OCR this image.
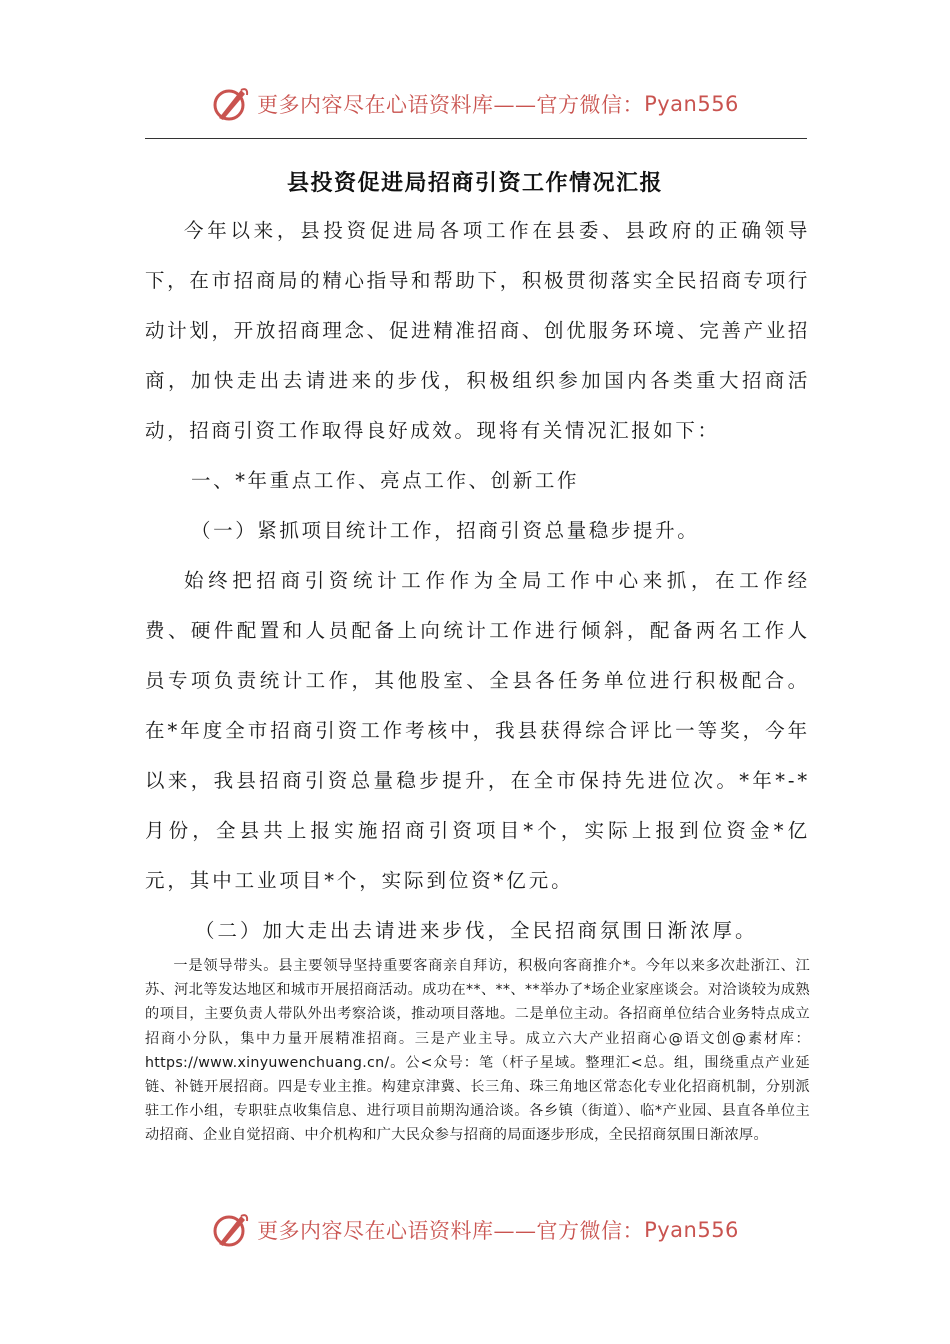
更多内容尽在心语资料库——官方微信： Pyan556
县投资促进局招商引资工作情况汇报

今年以来，县投资促进局各项工作在县委、县政府的正确领导下，在市招商局的精心指导和帮助下，积极贯彻落实全民招商专项行动计划，开放招商理念、促进精准招商、创优服务环境、完善产业招商，加快走出去请进来的步伐，积极组织参加国内各类重大招商活动，招商引资工作取得良好成效。现将有关情况汇报如下：

一、*年重点工作、亮点工作、创新工作

（一）紧抓项目统计工作，招商引资总量稳步提升。

始终把招商引资统计工作作为全局工作中心来抓，在工作经费、硬件配置和人员配备上向统计工作进行倾斜，配备两名工作人员专项负责统计工作，其他股室、全县各任务单位进行积极配合。在*年度全市招商引资工作考核中，我县获得综合评比一等奖，今年以来，我县招商引资总量稳步提升，在全市保持先进位次。*年*-*月份，全县共上报实施招商引资项目*个，实际上报到位资金*亿元，其中工业项目*个，实际到位资*亿元。

（二）加大走出去请进来步伐，全民招商氛围日渐浓厚。

一是领导带头。县主要领导坚持重要客商亲自拜访，积极向客商推介*。今年以来多次赴浙江、江苏、河北等发达地区和城市开展招商活动。成功在**、**、**举办了*场企业家座谈会。对洽谈较为成熟的项目，主要负责人带队外出考察洽谈，推动项目落地。二是单位主动。各招商单位结合业务特点成立招商小分队，集中力量开展精准招商。三是产业主导。成立六大产业招商心@语文创@素材库：https://www.xinyuwenchuang.cn/。公<众号：笔（杆子星域。整理汇<总。组，围绕重点产业延链、补链开展招商。四是专业主推。构建京津冀、长三角、珠三角地区常态化专业化招商机制，分别派驻工作小组，专职驻点收集信息、进行项目前期沟通洽谈。各乡镇（街道）、临*产业园、县直各单位主动招商、企业自觉招商、中介机构和广大民众参与招商的局面逐步形成，全民招商氛围日渐浓厚。

更多内容尽在心语资料库——官方微信： Pyan556
